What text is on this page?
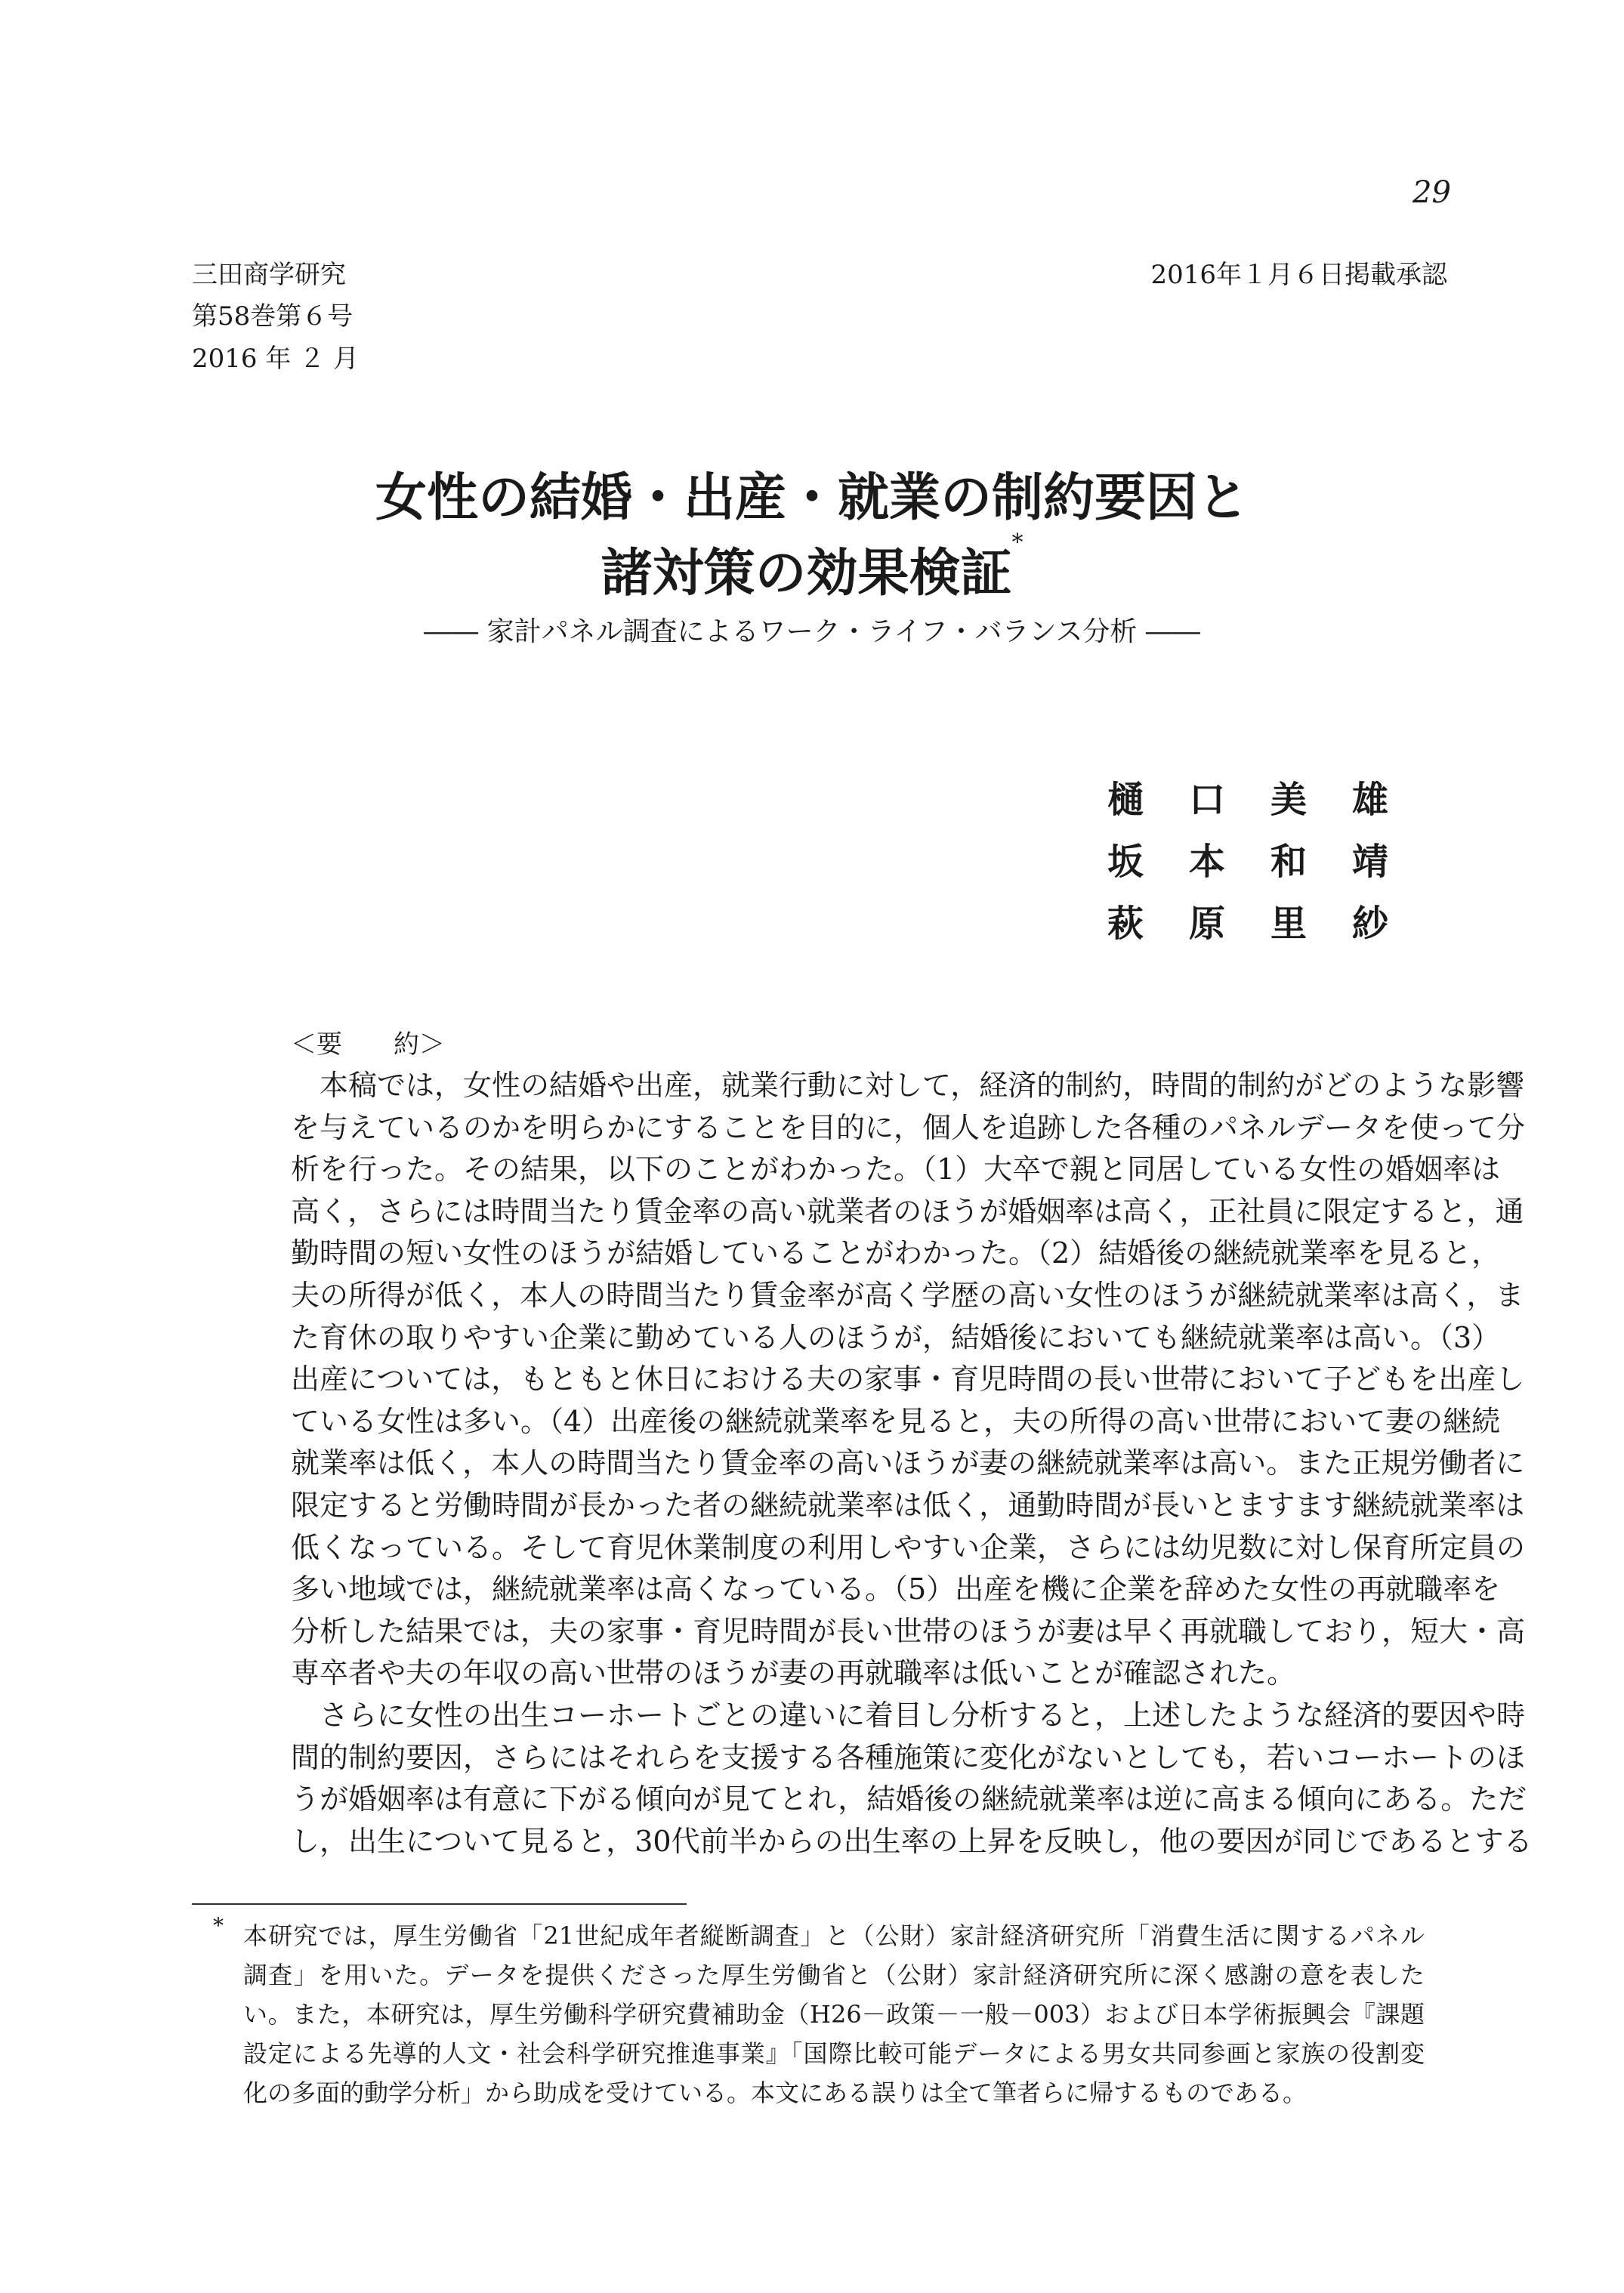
29
三田商学研究
第58巻第６号
2016 年 ２ 月
2016年１月６日掲載承認
女性の結婚・出産・就業の制約要因と
諸対策の効果検証*
―― 家計パネル調査によるワーク・ライフ・バランス分析 ――
樋 口 美 雄
坂 本 和 靖
萩 原 里 紗
＜要　　約＞
　本稿では，女性の結婚や出産，就業行動に対して，経済的制約，時間的制約がどのような影響
を与えているのかを明らかにすることを目的に，個人を追跡した各種のパネルデータを使って分
析を行った。その結果，以下のことがわかった。（1）大卒で親と同居している女性の婚姻率は
高く，さらには時間当たり賃金率の高い就業者のほうが婚姻率は高く，正社員に限定すると，通
勤時間の短い女性のほうが結婚していることがわかった。（2）結婚後の継続就業率を見ると，
夫の所得が低く，本人の時間当たり賃金率が高く学歴の高い女性のほうが継続就業率は高く，ま
た育休の取りやすい企業に勤めている人のほうが，結婚後においても継続就業率は高い。（3）
出産については，もともと休日における夫の家事・育児時間の長い世帯において子どもを出産し
ている女性は多い。（4）出産後の継続就業率を見ると，夫の所得の高い世帯において妻の継続
就業率は低く，本人の時間当たり賃金率の高いほうが妻の継続就業率は高い。また正規労働者に
限定すると労働時間が長かった者の継続就業率は低く，通勤時間が長いとますます継続就業率は
低くなっている。そして育児休業制度の利用しやすい企業，さらには幼児数に対し保育所定員の
多い地域では，継続就業率は高くなっている。（5）出産を機に企業を辞めた女性の再就職率を
分析した結果では，夫の家事・育児時間が長い世帯のほうが妻は早く再就職しており，短大・高
専卒者や夫の年収の高い世帯のほうが妻の再就職率は低いことが確認された。
　さらに女性の出生コーホートごとの違いに着目し分析すると，上述したような経済的要因や時
間的制約要因，さらにはそれらを支援する各種施策に変化がないとしても，若いコーホートのほ
うが婚姻率は有意に下がる傾向が見てとれ，結婚後の継続就業率は逆に高まる傾向にある。ただ
し，出生について見ると，30代前半からの出生率の上昇を反映し，他の要因が同じであるとする
* 本研究では，厚生労働省「21世紀成年者縦断調査」と（公財）家計経済研究所「消費生活に関するパネル
調査」を用いた。データを提供くださった厚生労働省と（公財）家計経済研究所に深く感謝の意を表した
い。また，本研究は，厚生労働科学研究費補助金（H26－政策－一般－003）および日本学術振興会『課題
設定による先導的人文・社会科学研究推進事業』「国際比較可能データによる男女共同参画と家族の役割変
化の多面的動学分析」から助成を受けている。本文にある誤りは全て筆者らに帰するものである。
